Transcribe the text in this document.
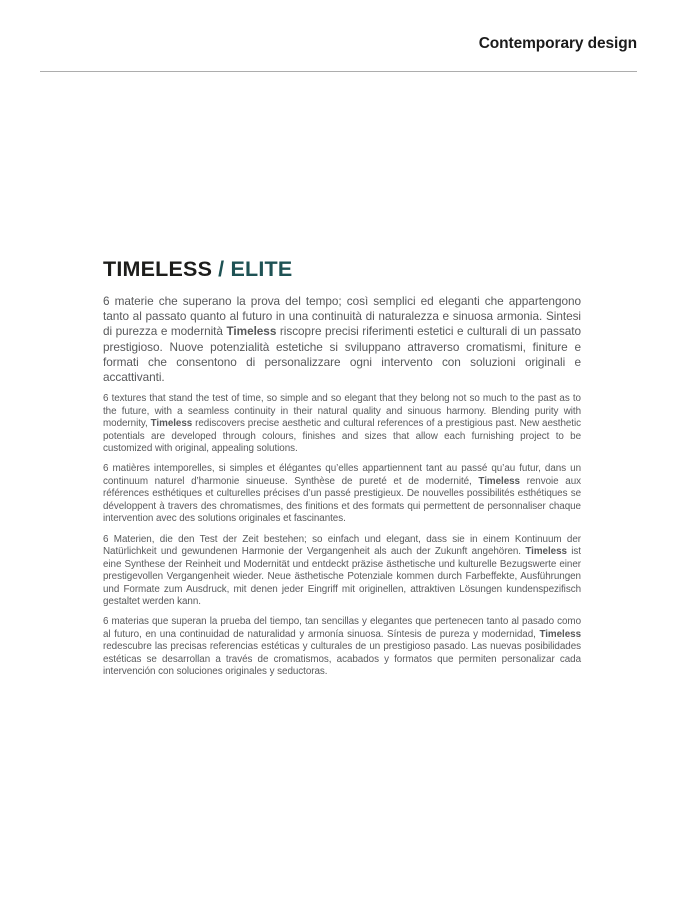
Contemporary design
TIMELESS / ELITE

6 materie che superano la prova del tempo; così semplici ed eleganti che appartengono tanto al passato quanto al futuro in una continuità di naturalezza e sinuosa armonia. Sintesi di purezza e modernità Timeless riscopre precisi riferimenti estetici e culturali di un passato prestigioso. Nuove potenzialità estetiche si sviluppano attraverso cromatismi, finiture e formati che consentono di personalizzare ogni intervento con soluzioni originali e accattivanti.

6 textures that stand the test of time, so simple and so elegant that they belong not so much to the past as to the future, with a seamless continuity in their natural quality and sinuous harmony. Blending purity with modernity, Timeless rediscovers precise aesthetic and cultural references of a prestigious past. New aesthetic potentials are developed through colours, finishes and sizes that allow each furnishing project to be customized with original, appealing solutions.

6 matières intemporelles, si simples et élégantes qu’elles appartiennent tant au passé qu’au futur, dans un continuum naturel d’harmonie sinueuse. Synthèse de pureté et de modernité, Timeless renvoie aux références esthétiques et culturelles précises d’un passé prestigieux. De nouvelles possibilités esthétiques se développent à travers des chromatismes, des finitions et des formats qui permettent de personnaliser chaque intervention avec des solutions originales et fascinantes.

6 Materien, die den Test der Zeit bestehen; so einfach und elegant, dass sie in einem Kontinuum der Natürlichkeit und gewundenen Harmonie der Vergangenheit als auch der Zukunft angehören. Timeless ist eine Synthese der Reinheit und Modernität und entdeckt präzise ästhetische und kulturelle Bezugswerte einer prestigevollen Vergangenheit wieder. Neue ästhetische Potenziale kommen durch Farbeffekte, Ausführungen und Formate zum Ausdruck, mit denen jeder Eingriff mit originellen, attraktiven Lösungen kundenspezifisch gestaltet werden kann.

6 materias que superan la prueba del tiempo, tan sencillas y elegantes que pertenecen tanto al pasado como al futuro, en una continuidad de naturalidad y armonía sinuosa. Síntesis de pureza y modernidad, Timeless redescubre las precisas referencias estéticas y culturales de un prestigioso pasado. Las nuevas posibilidades estéticas se desarrollan a través de cromatismos, acabados y formatos que permiten personalizar cada intervención con soluciones originales y seductoras.
